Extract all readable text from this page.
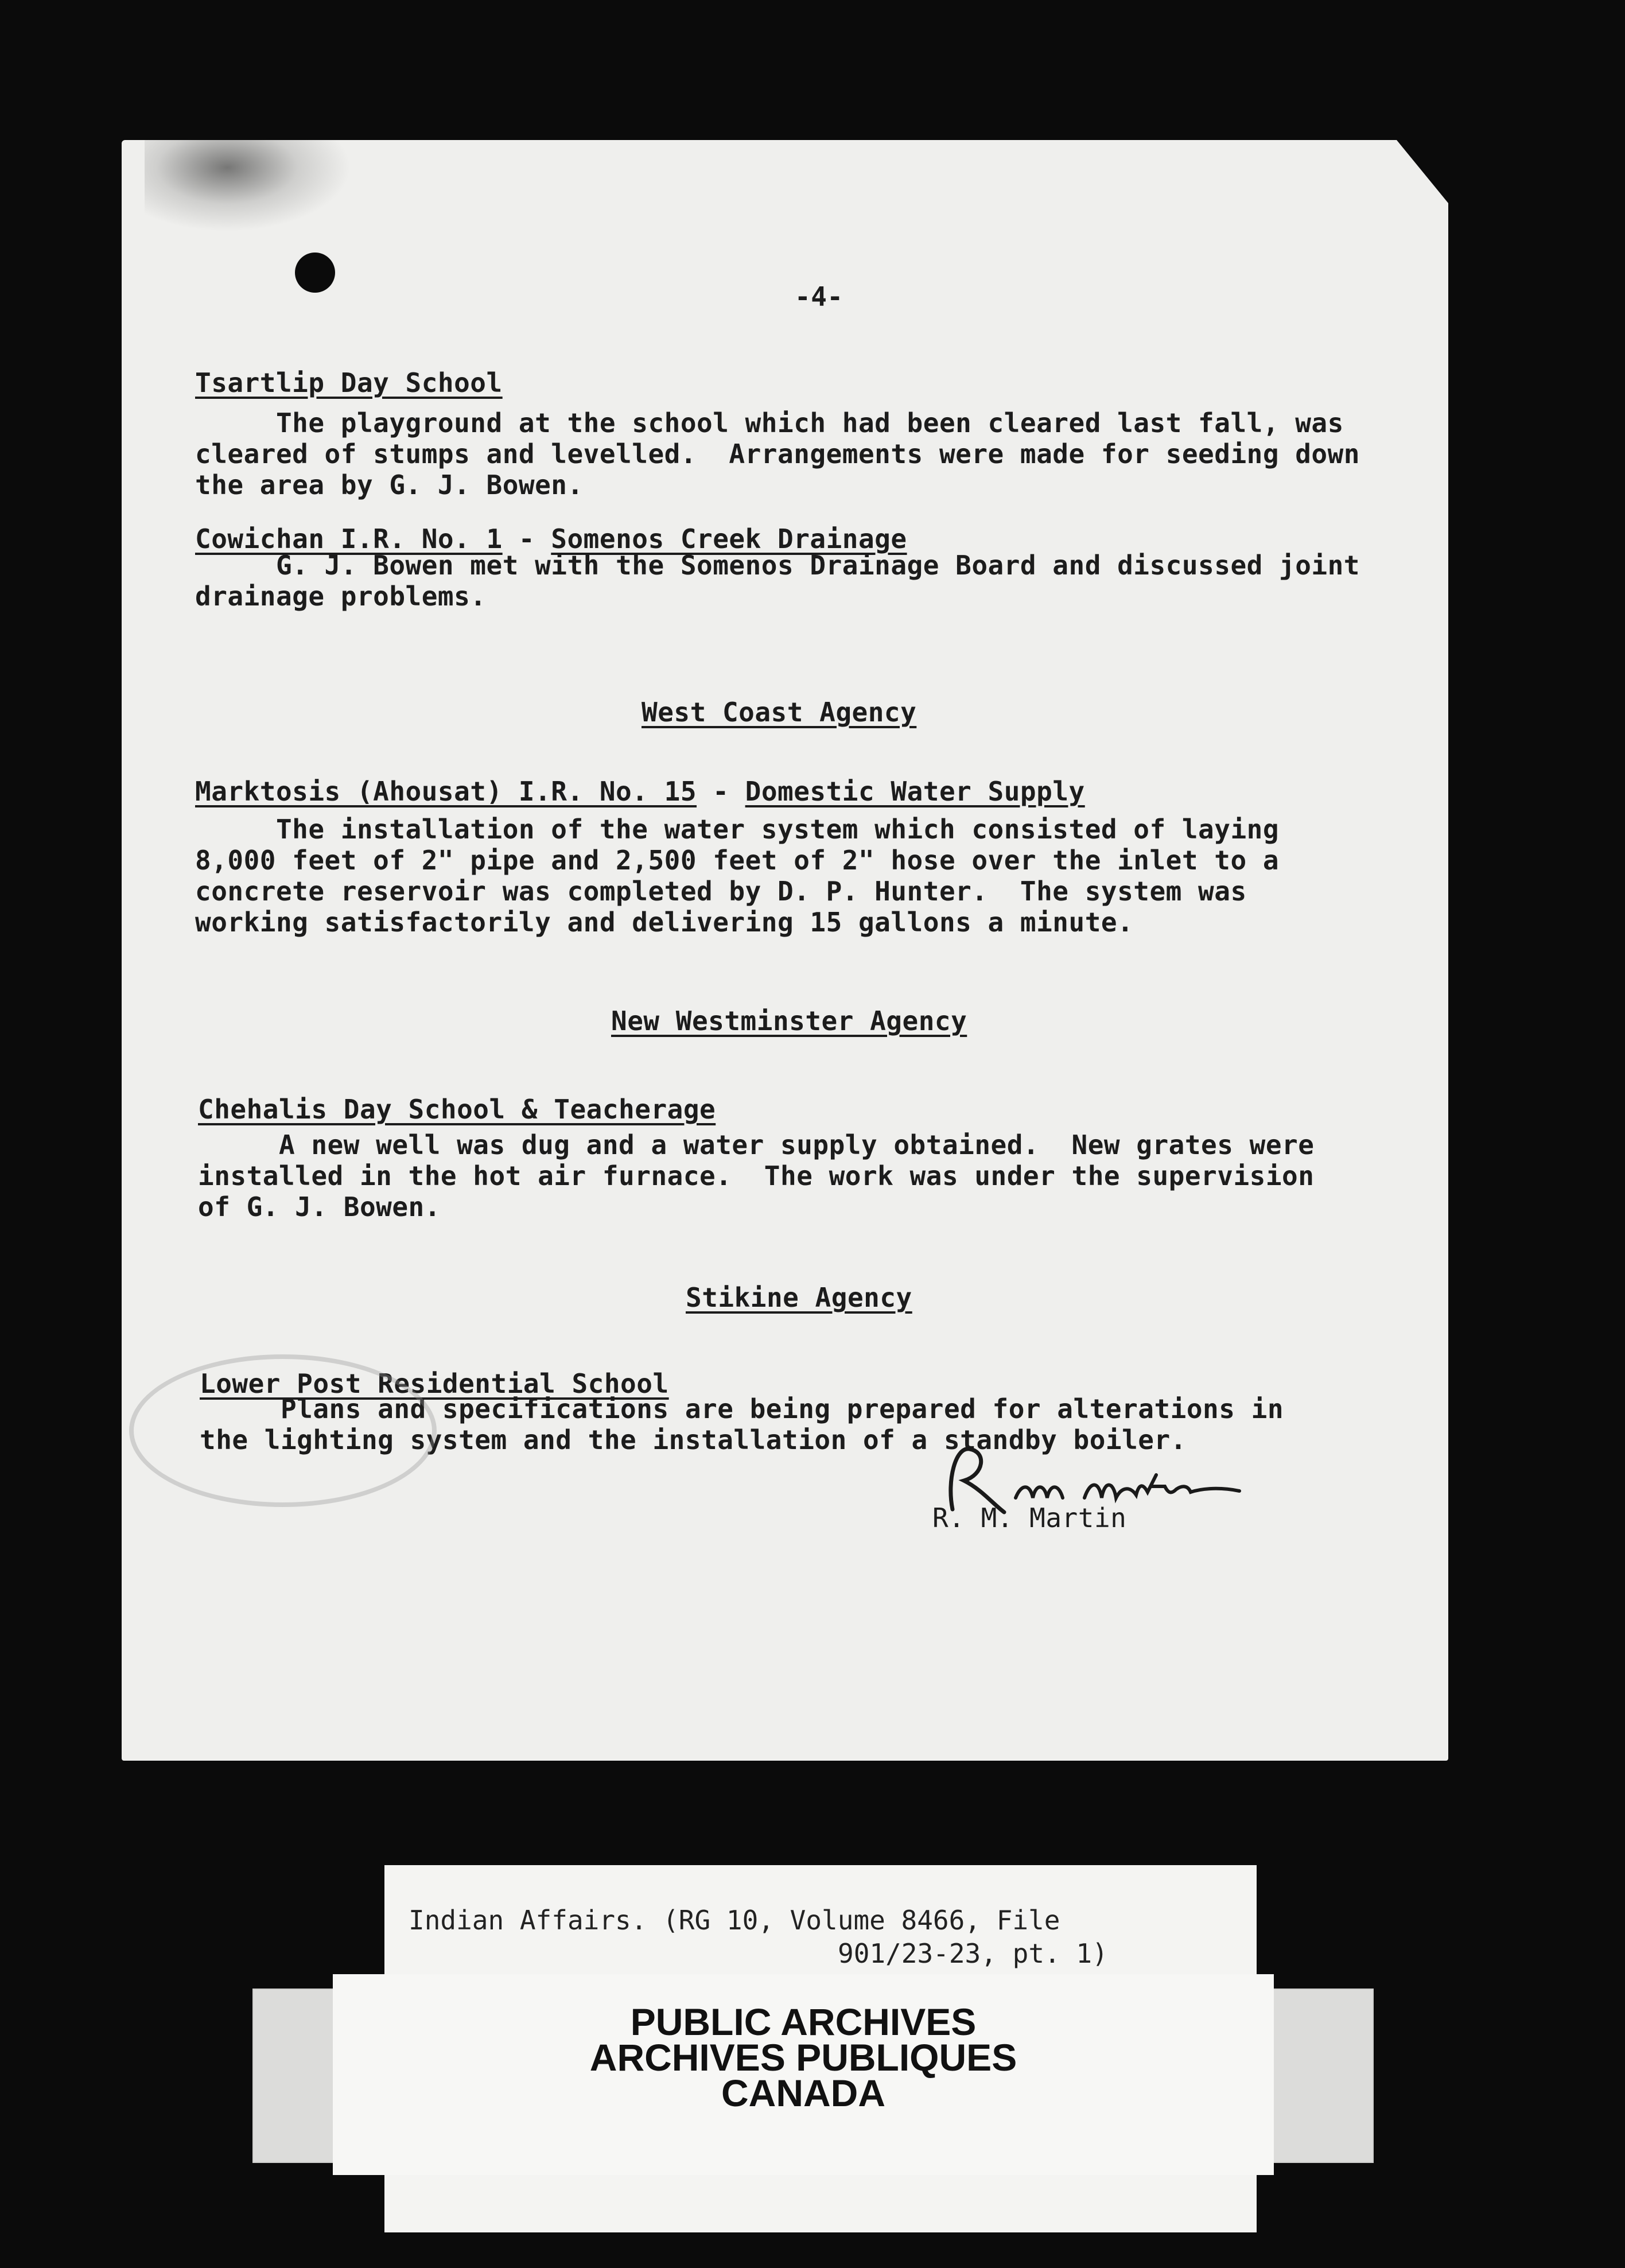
-4-
Tsartlip Day School
The playground at the school which had been cleared last fall, was
cleared of stumps and levelled.  Arrangements were made for seeding down
the area by G. J. Bowen.
Cowichan I.R. No. 1 - Somenos Creek Drainage
G. J. Bowen met with the Somenos Drainage Board and discussed joint
drainage problems.
West Coast Agency
Marktosis (Ahousat) I.R. No. 15 - Domestic Water Supply
The installation of the water system which consisted of laying
8,000 feet of 2" pipe and 2,500 feet of 2" hose over the inlet to a
concrete reservoir was completed by D. P. Hunter.  The system was
working satisfactorily and delivering 15 gallons a minute.
New Westminster Agency
Chehalis Day School & Teacherage
A new well was dug and a water supply obtained.  New grates were
installed in the hot air furnace.  The work was under the supervision
of G. J. Bowen.
Stikine Agency
Lower Post Residential School
Plans and specifications are being prepared for alterations in
the lighting system and the installation of a standby boiler.
R. M. Martin
Indian Affairs. (RG 10, Volume 8466, File
901/23-23, pt. 1)
PUBLIC ARCHIVES
ARCHIVES PUBLIQUES
CANADA
